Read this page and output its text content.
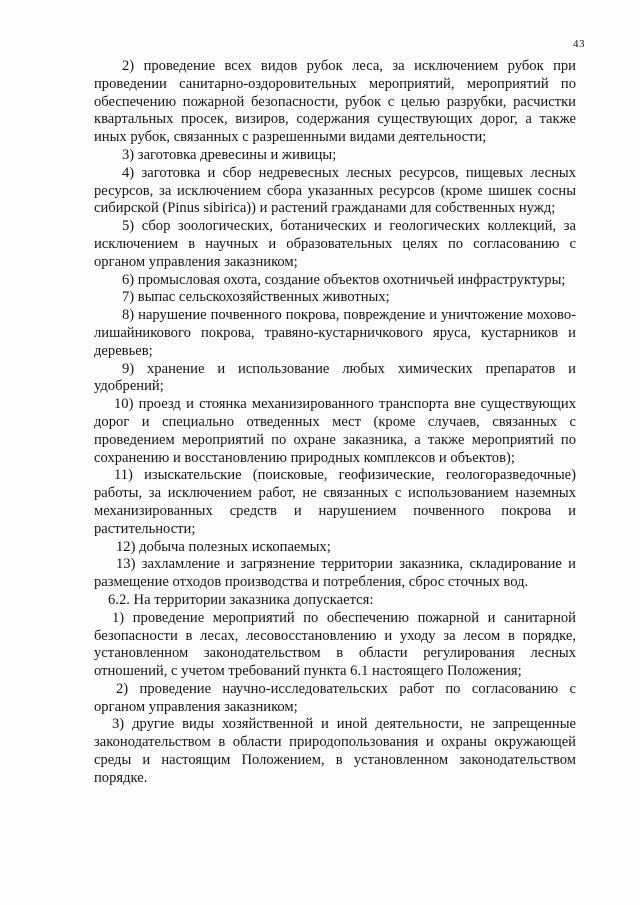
43

2) проведение всех видов рубок леса, за исключением рубок при проведении санитарно-оздоровительных мероприятий, мероприятий по обеспечению пожарной безопасности, рубок с целью разрубки, расчистки квартальных просек, визиров, содержания существующих дорог, а также иных рубок, связанных с разрешенными видами деятельности;

3) заготовка древесины и живицы;

4) заготовка и сбор недревесных лесных ресурсов, пищевых лесных ресурсов, за исключением сбора указанных ресурсов (кроме шишек сосны сибирской (Pinus sibirica)) и растений гражданами для собственных нужд;

5) сбор зоологических, ботанических и геологических коллекций, за исключением в научных и образовательных целях по согласованию с органом управления заказником;

6) промысловая охота, создание объектов охотничьей инфраструктуры;

7) выпас сельскохозяйственных животных;

8) нарушение почвенного покрова, повреждение и уничтожение мохово-лишайникового покрова, травяно-кустарничкового яруса, кустарников и деревьев;

9) хранение и использование любых химических препаратов и удобрений;

10) проезд и стоянка механизированного транспорта вне существующих дорог и специально отведенных мест (кроме случаев, связанных с проведением мероприятий по охране заказника, а также мероприятий по сохранению и восстановлению природных комплексов и объектов);

11) изыскательские (поисковые, геофизические, геологоразведочные) работы, за исключением работ, не связанных с использованием наземных механизированных средств и нарушением почвенного покрова и растительности;

12) добыча полезных ископаемых;

13) захламление и загрязнение территории заказника, складирование и размещение отходов производства и потребления, сброс сточных вод.

6.2. На территории заказника допускается:

1) проведение мероприятий по обеспечению пожарной и санитарной безопасности в лесах, лесовосстановлению и уходу за лесом в порядке, установленном законодательством в области регулирования лесных отношений, с учетом требований пункта 6.1 настоящего Положения;

2) проведение научно-исследовательских работ по согласованию с органом управления заказником;

3) другие виды хозяйственной и иной деятельности, не запрещенные законодательством в области природопользования и охраны окружающей среды и настоящим Положением, в установленном законодательством порядке.
